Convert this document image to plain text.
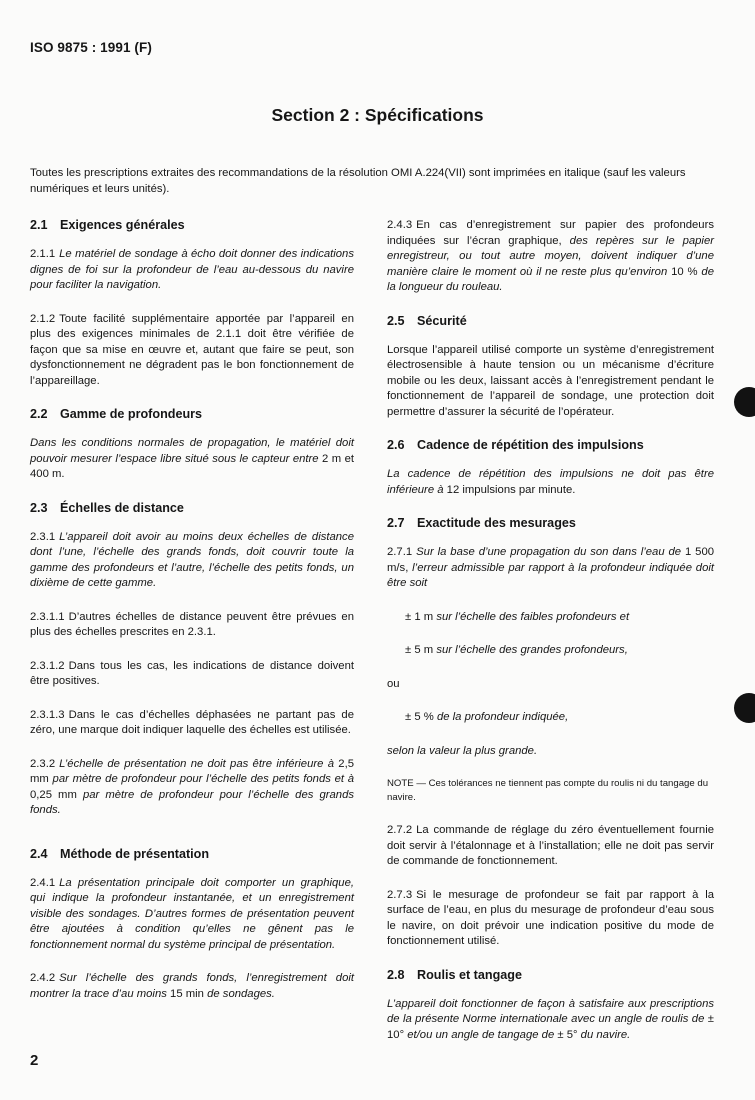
ISO 9875 : 1991 (F)
Section 2 : Spécifications

Toutes les prescriptions extraites des recommandations de la résolution OMI A.224(VII) sont imprimées en italique (sauf les valeurs numériques et leurs unités).

2.1 Exigences générales

2.1.1 Le matériel de sondage à écho doit donner des indications dignes de foi sur la profondeur de l’eau au-dessous du navire pour faciliter la navigation.

2.1.2 Toute facilité supplémentaire apportée par l’appareil en plus des exigences minimales de 2.1.1 doit être vérifiée de façon que sa mise en œuvre et, autant que faire se peut, son dysfonctionnement ne dégradent pas le bon fonctionnement de l’appareillage.

2.2 Gamme de profondeurs

Dans les conditions normales de propagation, le matériel doit pouvoir mesurer l’espace libre situé sous le capteur entre 2 m et 400 m.

2.3 Échelles de distance

2.3.1 L’appareil doit avoir au moins deux échelles de distance dont l’une, l’échelle des grands fonds, doit couvrir toute la gamme des profondeurs et l’autre, l’échelle des petits fonds, un dixième de cette gamme.

2.3.1.1 D’autres échelles de distance peuvent être prévues en plus des échelles prescrites en 2.3.1.

2.3.1.2 Dans tous les cas, les indications de distance doivent être positives.

2.3.1.3 Dans le cas d’échelles déphasées ne partant pas de zéro, une marque doit indiquer laquelle des échelles est utilisée.

2.3.2 L’échelle de présentation ne doit pas être inférieure à 2,5 mm par mètre de profondeur pour l’échelle des petits fonds et à 0,25 mm par mètre de profondeur pour l’échelle des grands fonds.

2.4 Méthode de présentation

2.4.1 La présentation principale doit comporter un graphique, qui indique la profondeur instantanée, et un enregistrement visible des sondages. D’autres formes de présentation peuvent être ajoutées à condition qu’elles ne gênent pas le fonctionnement normal du système principal de présentation.

2.4.2 Sur l’échelle des grands fonds, l’enregistrement doit montrer la trace d’au moins 15 min de sondages.

2.4.3 En cas d’enregistrement sur papier des profondeurs indiquées sur l’écran graphique, des repères sur le papier enregistreur, ou tout autre moyen, doivent indiquer d’une manière claire le moment où il ne reste plus qu’environ 10 % de la longueur du rouleau.

2.5 Sécurité

Lorsque l’appareil utilisé comporte un système d’enregistrement électrosensible à haute tension ou un mécanisme d’écriture mobile ou les deux, laissant accès à l’enregistrement pendant le fonctionnement de l’appareil de sondage, une protection doit permettre d’assurer la sécurité de l’opérateur.

2.6 Cadence de répétition des impulsions

La cadence de répétition des impulsions ne doit pas être inférieure à 12 impulsions par minute.

2.7 Exactitude des mesurages

2.7.1 Sur la base d’une propagation du son dans l’eau de 1 500 m/s, l’erreur admissible par rapport à la profondeur indiquée doit être soit

± 1 m sur l’échelle des faibles profondeurs et

± 5 m sur l’échelle des grandes profondeurs,

ou

± 5 % de la profondeur indiquée,

selon la valeur la plus grande.

NOTE — Ces tolérances ne tiennent pas compte du roulis ni du tangage du navire.

2.7.2 La commande de réglage du zéro éventuellement fournie doit servir à l’étalonnage et à l’installation; elle ne doit pas servir de commande de fonctionnement.

2.7.3 Si le mesurage de profondeur se fait par rapport à la surface de l’eau, en plus du mesurage de profondeur d’eau sous le navire, on doit prévoir une indication positive du mode de fonctionnement utilisé.

2.8 Roulis et tangage

L’appareil doit fonctionner de façon à satisfaire aux prescriptions de la présente Norme internationale avec un angle de roulis de ± 10° et/ou un angle de tangage de ± 5° du navire.

2
